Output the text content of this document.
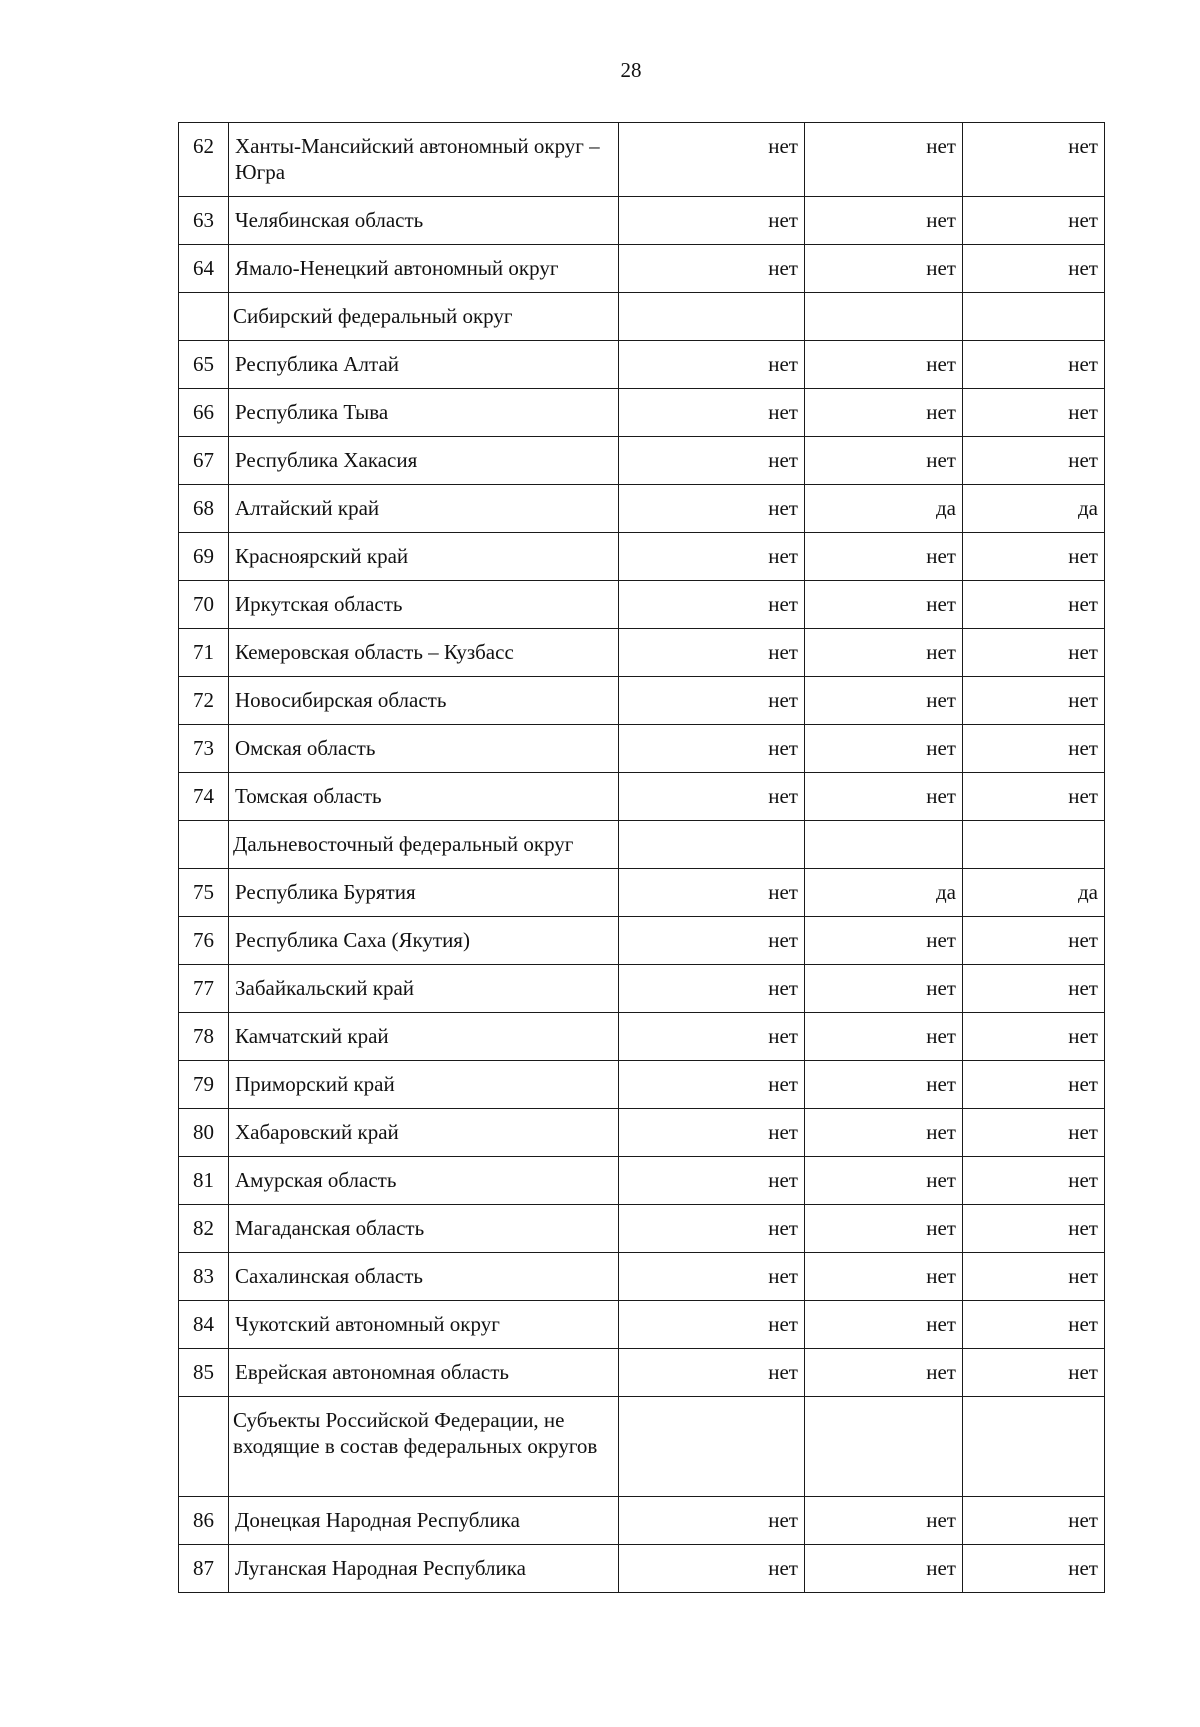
28
62	Ханты-Мансийский автономный округ – Югра	нет	нет	нет
63	Челябинская область	нет	нет	нет
64	Ямало-Ненецкий автономный округ	нет	нет	нет
	Сибирский федеральный округ			
65	Республика Алтай	нет	нет	нет
66	Республика Тыва	нет	нет	нет
67	Республика Хакасия	нет	нет	нет
68	Алтайский край	нет	да	да
69	Красноярский край	нет	нет	нет
70	Иркутская область	нет	нет	нет
71	Кемеровская область – Кузбасс	нет	нет	нет
72	Новосибирская область	нет	нет	нет
73	Омская область	нет	нет	нет
74	Томская область	нет	нет	нет
	Дальневосточный федеральный округ			
75	Республика Бурятия	нет	да	да
76	Республика Саха (Якутия)	нет	нет	нет
77	Забайкальский край	нет	нет	нет
78	Камчатский край	нет	нет	нет
79	Приморский край	нет	нет	нет
80	Хабаровский край	нет	нет	нет
81	Амурская область	нет	нет	нет
82	Магаданская область	нет	нет	нет
83	Сахалинская область	нет	нет	нет
84	Чукотский автономный округ	нет	нет	нет
85	Еврейская автономная область	нет	нет	нет
	Субъекты Российской Федерации, не входящие в состав федеральных округов			
86	Донецкая Народная Республика	нет	нет	нет
87	Луганская Народная Республика	нет	нет	нет
